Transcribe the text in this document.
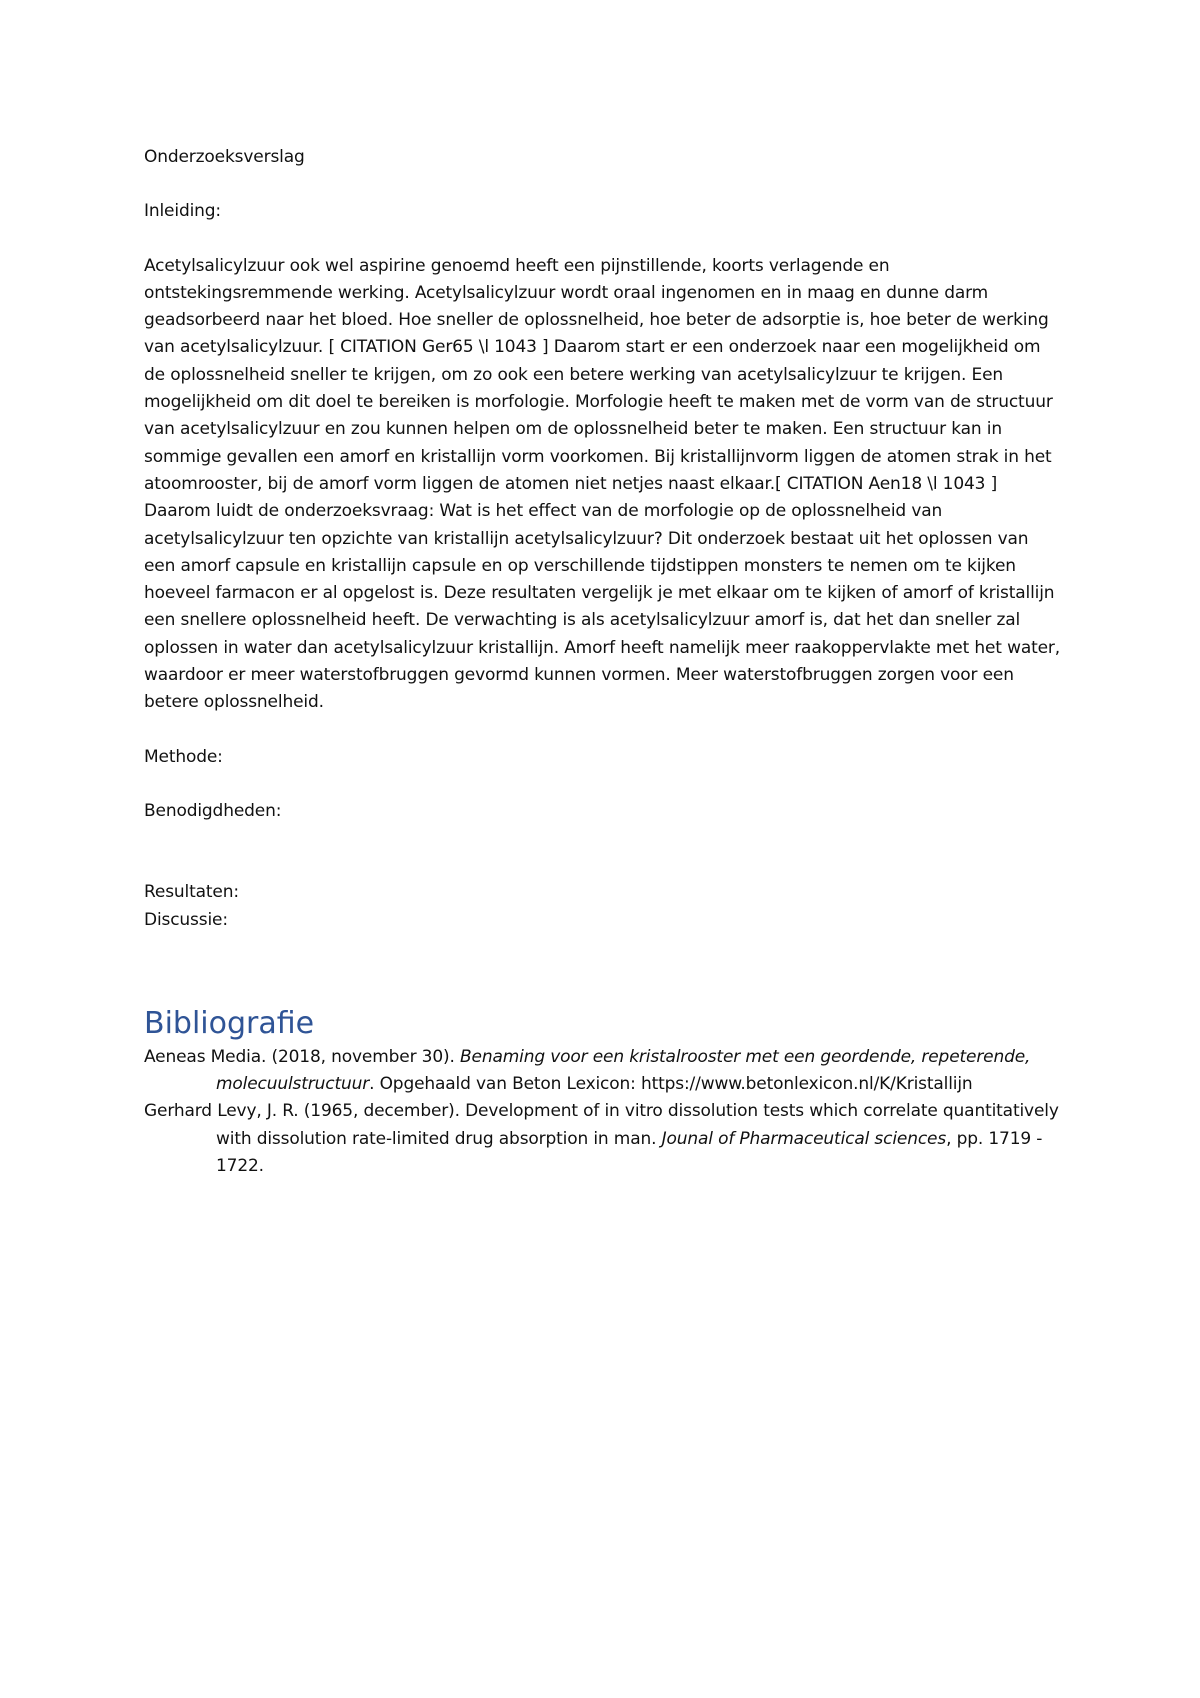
Onderzoeksverslag

Inleiding:

Acetylsalicylzuur ook wel aspirine genoemd heeft een pijnstillende, koorts verlagende en ontstekingsremmende werking. Acetylsalicylzuur wordt oraal ingenomen en in maag en dunne darm geadsorbeerd naar het bloed. Hoe sneller de oplossnelheid, hoe beter de adsorptie is, hoe beter de werking van acetylsalicylzuur. [ CITATION Ger65 \l 1043 ] Daarom start er een onderzoek naar een mogelijkheid om de oplossnelheid sneller te krijgen, om zo ook een betere werking van acetylsalicylzuur te krijgen. Een mogelijkheid om dit doel te bereiken is morfologie. Morfologie heeft te maken met de vorm van de structuur van acetylsalicylzuur en zou kunnen helpen om de oplossnelheid beter te maken. Een structuur kan in sommige gevallen een amorf en kristallijn vorm voorkomen. Bij kristallijnvorm liggen de atomen strak in het atoomrooster, bij de amorf vorm liggen de atomen niet netjes naast elkaar.[ CITATION Aen18 \l 1043 ] Daarom luidt de onderzoeksvraag: Wat is het effect van de morfologie op de oplossnelheid van acetylsalicylzuur ten opzichte van kristallijn acetylsalicylzuur? Dit onderzoek bestaat uit het oplossen van een amorf capsule en kristallijn capsule en op verschillende tijdstippen monsters te nemen om te kijken hoeveel farmacon er al opgelost is. Deze resultaten vergelijk je met elkaar om te kijken of amorf of kristallijn een snellere oplossnelheid heeft. De verwachting is als acetylsalicylzuur amorf is, dat het dan sneller zal oplossen in water dan acetylsalicylzuur kristallijn. Amorf heeft namelijk meer raakoppervlakte met het water, waardoor er meer waterstofbruggen gevormd kunnen vormen. Meer waterstofbruggen zorgen voor een betere oplossnelheid.

Methode:

Benodigdheden:

Resultaten:

Discussie:

Bibliografie

Aeneas Media. (2018, november 30). Benaming voor een kristalrooster met een geordende, repeterende, molecuulstructuur. Opgehaald van Beton Lexicon: https://www.betonlexicon.nl/K/Kristallijn

Gerhard Levy, J. R. (1965, december). Development of in vitro dissolution tests which correlate quantitatively with dissolution rate-limited drug absorption in man. Jounal of Pharmaceutical sciences, pp. 1719 - 1722.
